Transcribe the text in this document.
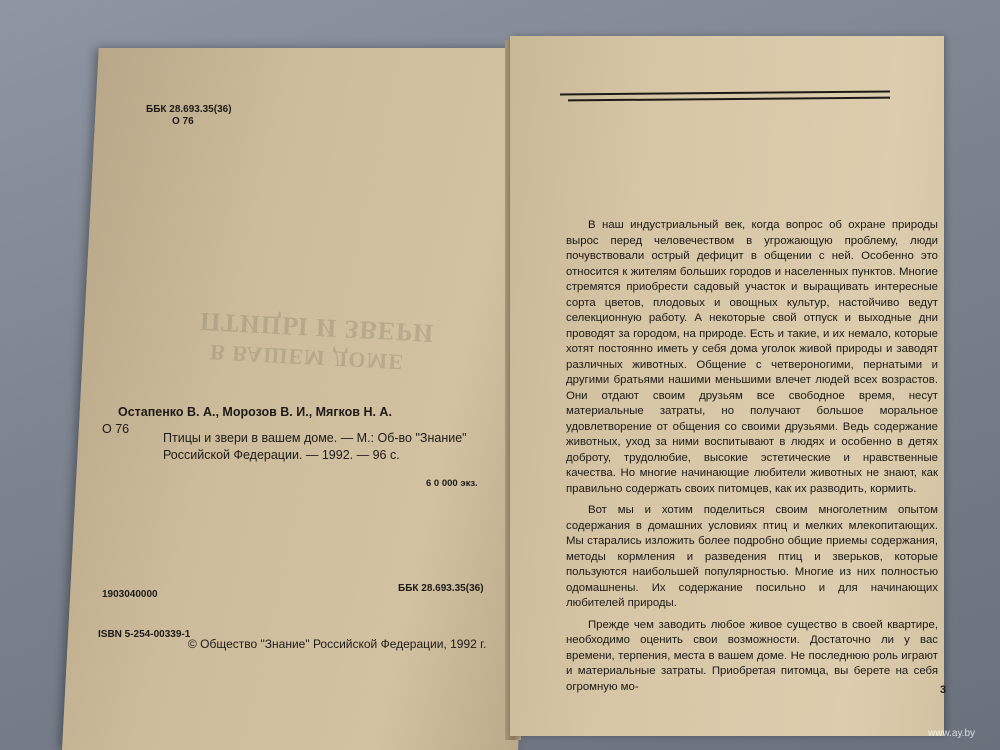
ПТИЦЫ И ЗВЕРИ
В ВАШЕМ ДОМЕ
ББК 28.693.35(36)
О 76
Остапенко В. А., Морозов В. И., Мягков Н. А.
О 76
Птицы и звери в вашем доме. — М.: Об-во "Знание" Российской Федерации. — 1992. — 96 с.
6 0 000 экз.
1903040000
ББК 28.693.35(36)
ISBN 5-254-00339-1
© Общество "Знание" Российской Федерации, 1992 г.

В наш индустриальный век, когда вопрос об охране природы вырос перед человечеством в угрожающую проблему, люди почувствовали острый дефицит в общении с ней. Особенно это относится к жителям больших городов и населенных пунктов. Многие стремятся приобрести садовый участок и выращивать интересные сорта цветов, плодовых и овощных культур, настойчиво ведут селекционную работу. А некоторые свой отпуск и выходные дни проводят за городом, на природе. Есть и такие, и их немало, которые хотят постоянно иметь у себя дома уголок живой природы и заводят различных животных. Общение с четвероногими, пернатыми и другими братьями нашими меньшими влечет людей всех возрастов. Они отдают своим друзьям все свободное время, несут материальные затраты, но получают большое моральное удовлетворение от общения со своими друзьями. Ведь содержание животных, уход за ними воспитывают в людях и особенно в детях доброту, трудолюбие, высокие эстетические и нравственные качества. Но многие начинающие любители животных не знают, как правильно содержать своих питомцев, как их разводить, кормить.

Вот мы и хотим поделиться своим многолетним опытом содержания в домашних условиях птиц и мелких млекопитающих. Мы старались изложить более подробно общие приемы содержания, методы кормления и разведения птиц и зверьков, которые пользуются наибольшей популярностью. Многие из них полностью одомашнены. Их содержание посильно и для начинающих любителей природы.

Прежде чем заводить любое живое существо в своей квартире, необходимо оценить свои возможности. Достаточно ли у вас времени, терпения, места в вашем доме. Не последнюю роль играют и материальные затраты. Приобретая питомца, вы берете на себя огромную мо-	3
www.ay.by
